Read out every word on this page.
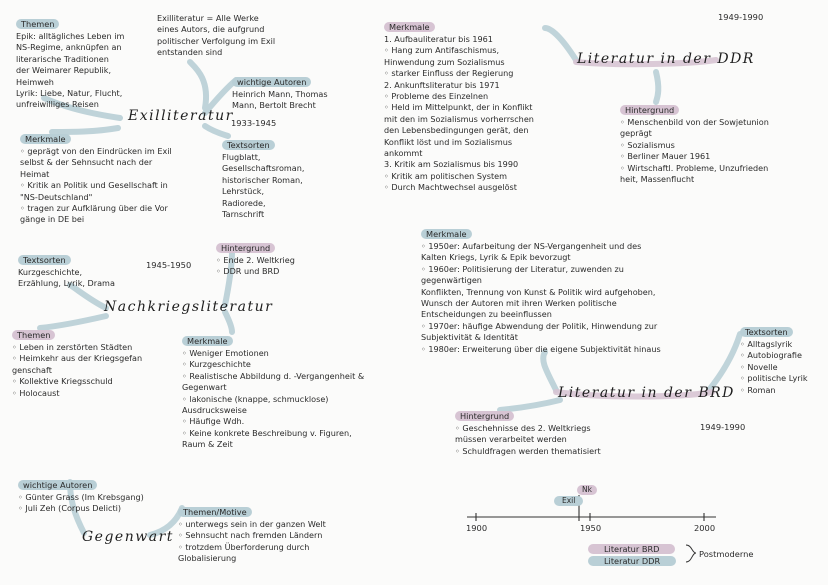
Themen
Epik: alltägliches Leben im
NS-Regime, anknüpfen an
literarische Traditionen
der Weimarer Republik,
Heimweh
Lyrik: Liebe, Natur, Flucht,
unfreiwilliges Reisen
Exilliteratur = Alle Werke
eines Autors, die aufgrund
politischer Verfolgung im Exil
entstanden sind
wichtige Autoren
Heinrich Mann, Thomas
Mann, Bertolt Brecht
Exilliteratur
1933-1945
Merkmale
◦ geprägt von den Eindrücken im Exil
selbst & der Sehnsucht nach der
Heimat
◦ Kritik an Politik und Gesellschaft in
"NS-Deutschland"
◦ tragen zur Aufklärung über die Vor
gänge in DE bei
Textsorten
Flugblatt,
Gesellschaftsroman,
historischer Roman,
Lehrstück,
Radiorede,
Tarnschrift
Textsorten
Kurzgeschichte,
Erzählung, Lyrik, Drama
Hintergrund
◦ Ende 2. Weltkrieg
◦ DDR und BRD
1945-1950
Nachkriegsliteratur
Themen
◦ Leben in zerstörten Städten
◦ Heimkehr aus der Kriegsgefan
genschaft
◦ Kollektive Kriegsschuld
◦ Holocaust
Merkmale
◦ Weniger Emotionen
◦ Kurzgeschichte
◦ Realistische Abbildung d. -Vergangenheit &
Gegenwart
◦ lakonische (knappe, schmucklose)
Ausdrucksweise
◦ Häufige Wdh.
◦ Keine konkrete Beschreibung v. Figuren,
Raum & Zeit
wichtige Autoren
◦ Günter Grass (Im Krebsgang)
◦ Juli Zeh (Corpus Delicti)	Themen/Motive
◦ unterwegs sein in der ganzen Welt
◦ Sehnsucht nach fremden Ländern
◦ trotzdem Überforderung durch
Globalisierung
Gegenwart
Merkmale
1. Aufbauliteratur bis 1961
◦ Hang zum Antifaschismus,
Hinwendung zum Sozialismus
◦ starker Einfluss der Regierung
2. Ankunftsliteratur bis 1971
◦ Probleme des Einzelnen
◦ Held im Mittelpunkt, der in Konflikt
mit den im Sozialismus vorherrschen
den Lebensbedingungen gerät, den
Konflikt löst und im Sozialismus
ankommt
3. Kritik am Sozialismus bis 1990
◦ Kritik am politischen System
◦ Durch Machtwechsel ausgelöst
1949-1990
Literatur in der DDR
Hintergrund
◦ Menschenbild von der Sowjetunion
geprägt
◦ Sozialismus
◦ Berliner Mauer 1961
◦ Wirtschaftl. Probleme, Unzufrieden
heit, Massenflucht
Merkmale
◦ 1950er: Aufarbeitung der NS-Vergangenheit und des
Kalten Kriegs, Lyrik & Epik bevorzugt
◦ 1960er: Politisierung der Literatur, zuwenden zu
gegenwärtigen
Konflikten, Trennung von Kunst & Politik wird aufgehoben,
Wunsch der Autoren mit ihren Werken politische
Entscheidungen zu beeinflussen
◦ 1970er: häufige Abwendung der Politik, Hinwendung zur
Subjektivität & Identität
◦ 1980er: Erweiterung über die eigene Subjektivität hinaus
Textsorten
◦ Alltagslyrik
◦ Autobiografie
◦ Novelle
◦ politische Lyrik
◦ Roman
Literatur in der BRD
1949-1990
Hintergrund
◦ Geschehnisse des 2. Weltkriegs
müssen verarbeitet werden
◦ Schuldfragen werden thematisiert
Nk
Exil
1900	1950	2000
Literatur BRD
Literatur DDR
Postmoderne
